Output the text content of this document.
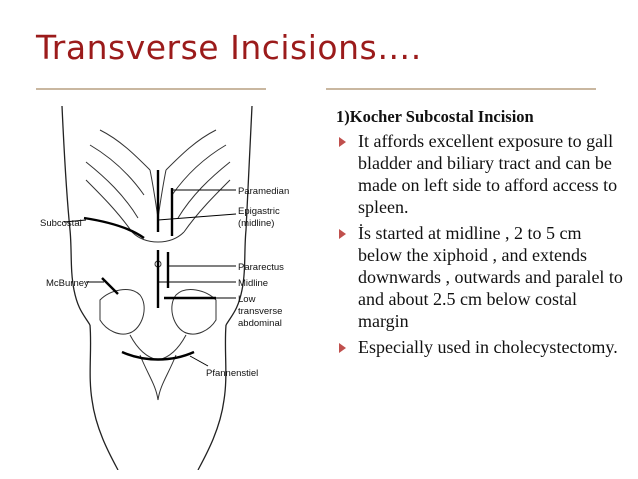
Transverse Incisions….
Paramedian
Epigastric
(midline)
Subcostal
Pararectus
Midline
McBurney
Low
transverse
abdominal
Pfannenstiel
1)Kocher Subcostal Incision
It affords excellent exposure to gall bladder and biliary tract and can be made on left side to afford access to spleen.
İs started at midline , 2 to 5 cm below the xiphoid , and extends downwards , outwards and paralel to and about 2.5 cm below costal margin
Especially used in cholecystectomy.
